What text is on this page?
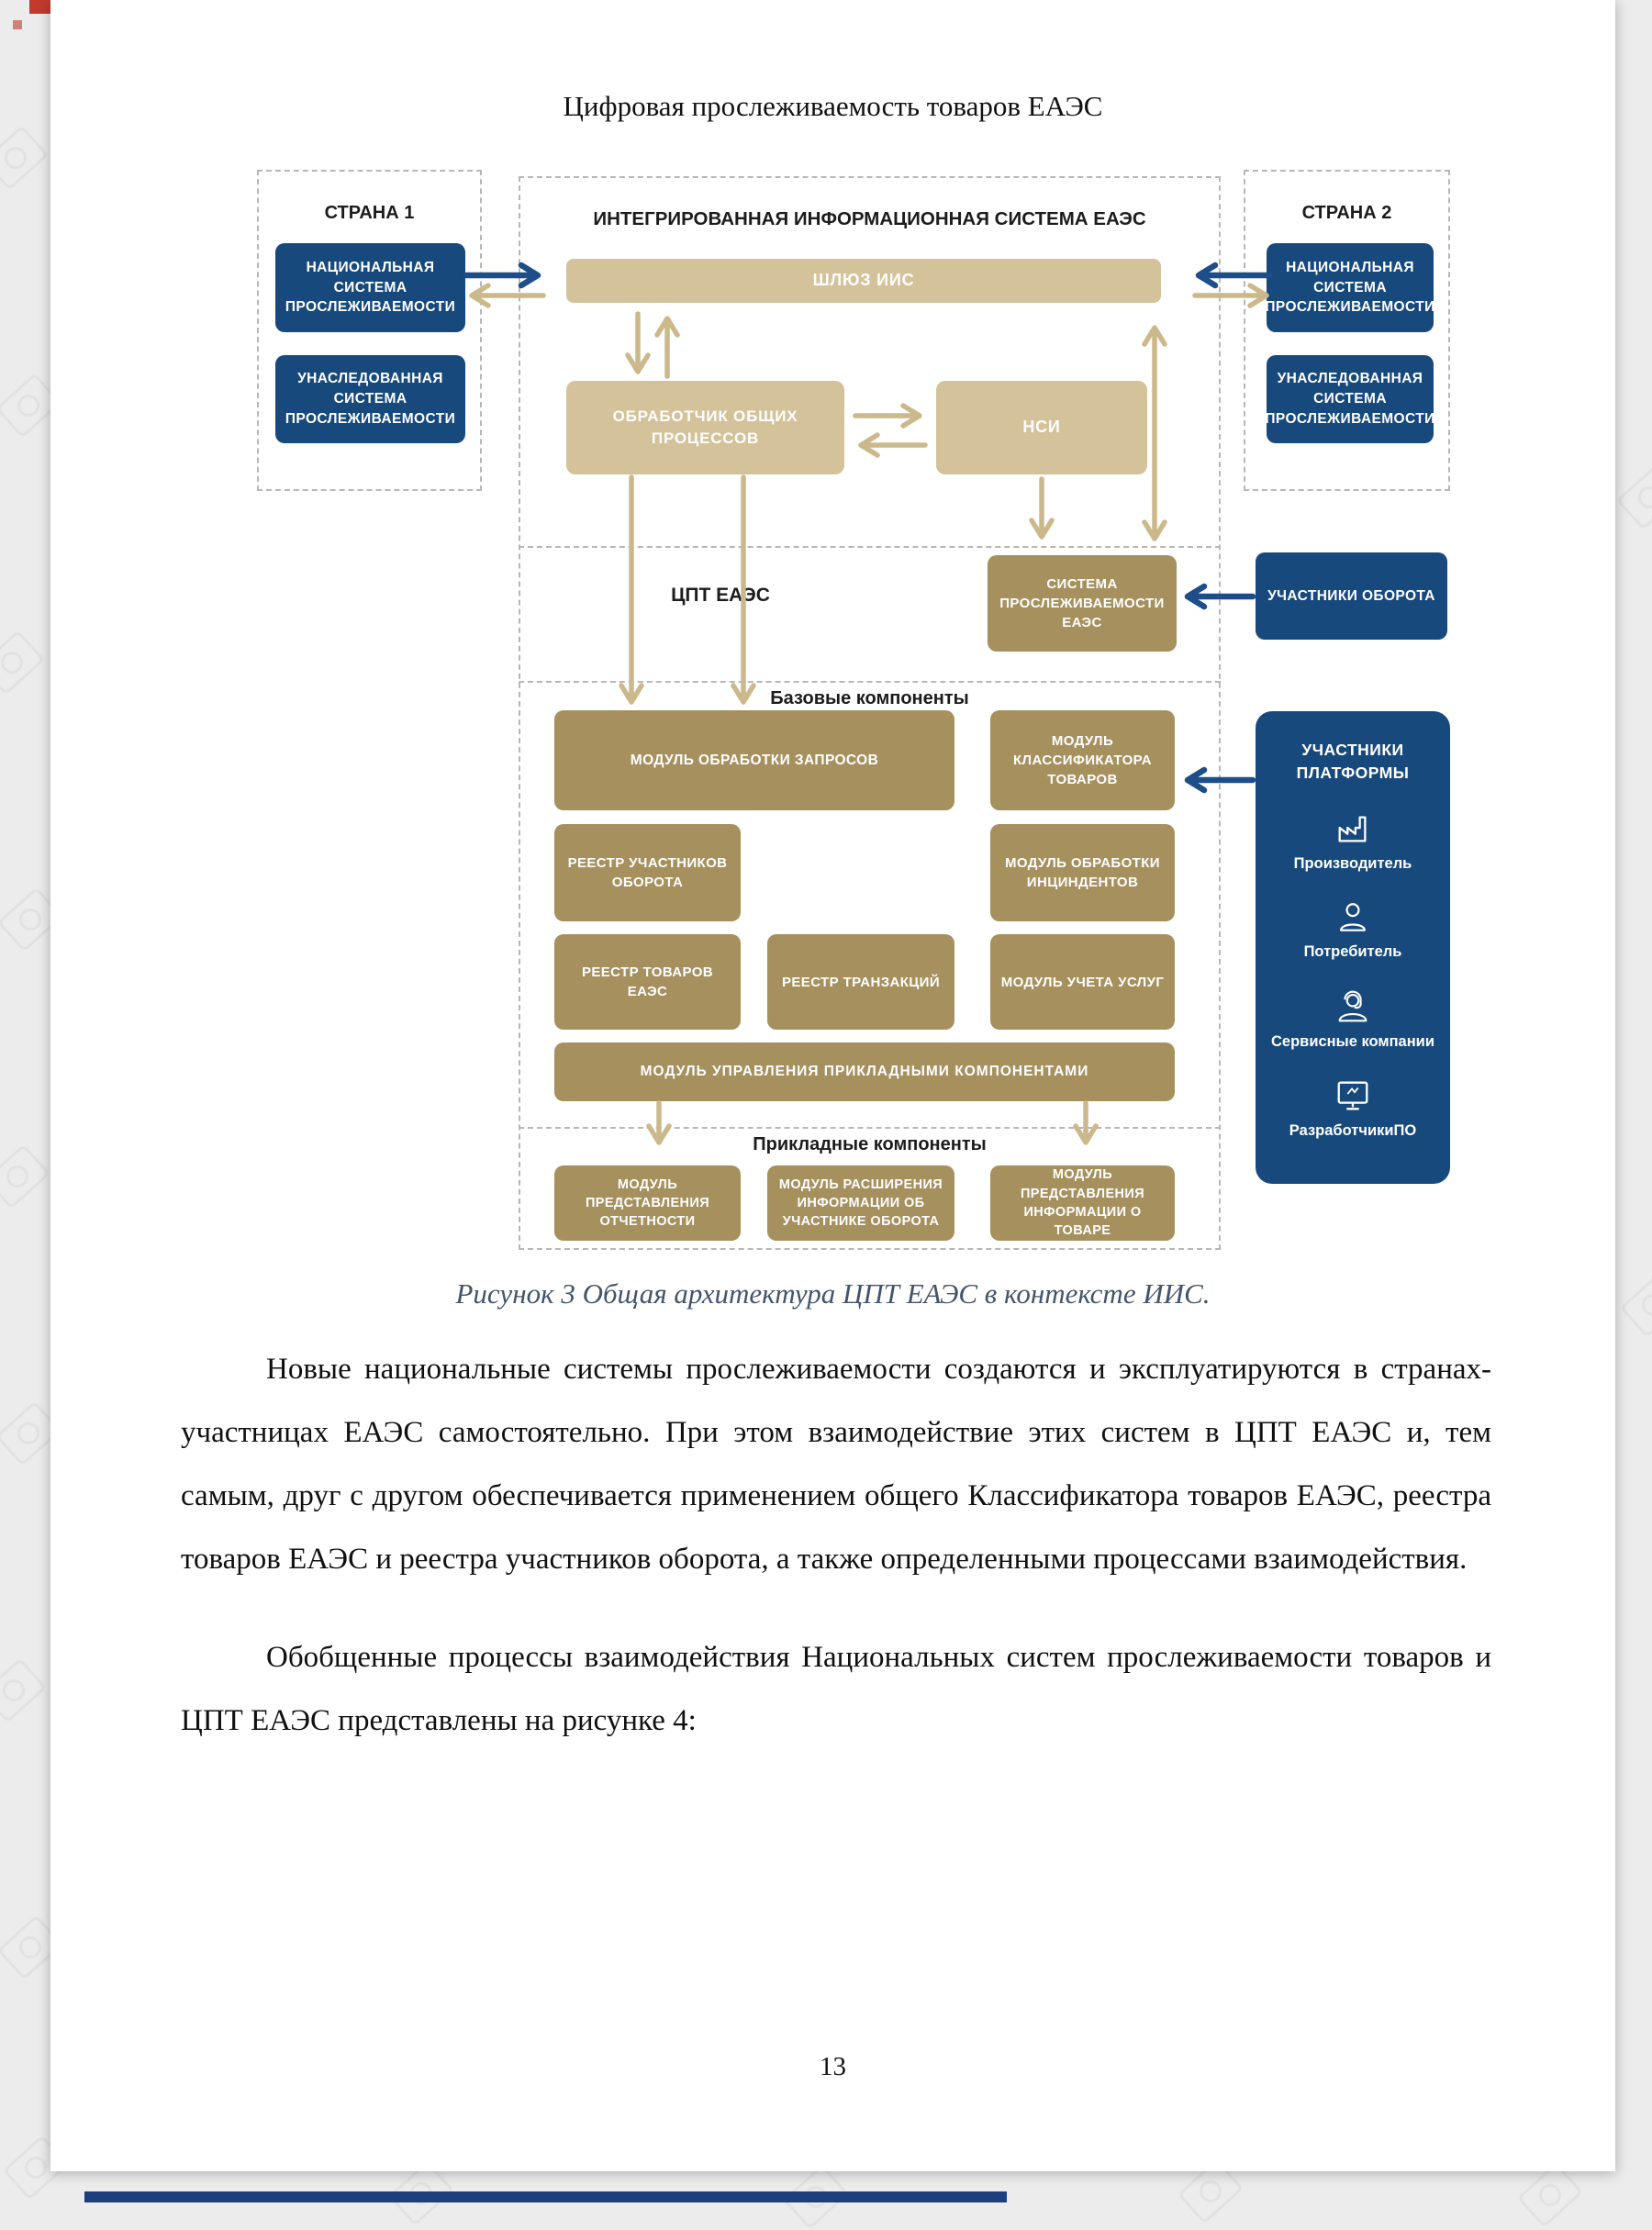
Цифровая прослеживаемость товаров ЕАЭС
СТРАНА 1	СТРАНА 2
ИНТЕГРИРОВАННАЯ ИНФОРМАЦИОННАЯ СИСТЕМА ЕАЭС
ЦПТ ЕАЭС
Базовые компоненты
Прикладные компоненты
НАЦИОНАЛЬНАЯ СИСТЕМА ПРОСЛЕЖИВАЕМОСТИ
УНАСЛЕДОВАННАЯ СИСТЕМА ПРОСЛЕЖИВАЕМОСТИ
НАЦИОНАЛЬНАЯ СИСТЕМА ПРОСЛЕЖИВАЕМОСТИ
УНАСЛЕДОВАННАЯ СИСТЕМА ПРОСЛЕЖИВАЕМОСТИ
ШЛЮЗ ИИС
ОБРАБОТЧИК ОБЩИХ ПРОЦЕССОВ
НСИ
СИСТЕМА ПРОСЛЕЖИВАЕМОСТИ ЕАЭС
УЧАСТНИКИ ОБОРОТА
МОДУЛЬ ОБРАБОТКИ ЗАПРОСОВ
МОДУЛЬ КЛАССИФИКАТОРА ТОВАРОВ
РЕЕСТР УЧАСТНИКОВ ОБОРОТА
МОДУЛЬ ОБРАБОТКИ ИНЦИНДЕНТОВ
РЕЕСТР ТОВАРОВ ЕАЭС
РЕЕСТР ТРАНЗАКЦИЙ	МОДУЛЬ УЧЕТА УСЛУГ
МОДУЛЬ УПРАВЛЕНИЯ ПРИКЛАДНЫМИ КОМПОНЕНТАМИ
МОДУЛЬ ПРЕДСТАВЛЕНИЯ ОТЧЕТНОСТИ
МОДУЛЬ РАСШИРЕНИЯ ИНФОРМАЦИИ ОБ УЧАСТНИКЕ ОБОРОТА
МОДУЛЬ ПРЕДСТАВЛЕНИЯ ИНФОРМАЦИИ О ТОВАРЕ
УЧАСТНИКИ ПЛАТФОРМЫ
Производитель
Потребитель
Сервисные компании
РазработчикиПО
Рисунок 3 Общая архитектура ЦПТ ЕАЭС в контексте ИИС.

Новые национальные системы прослеживаемости создаются и эксплуатируются в странах-участницах ЕАЭС самостоятельно. При этом взаимодействие этих систем в ЦПТ ЕАЭС и, тем самым, друг с другом обеспечивается применением общего Классификатора товаров ЕАЭС, реестра товаров ЕАЭС и реестра участников оборота, а также определенными процессами взаимодействия.

Обобщенные процессы взаимодействия Национальных систем прослеживаемости товаров и ЦПТ ЕАЭС представлены на рисунке 4:

13
